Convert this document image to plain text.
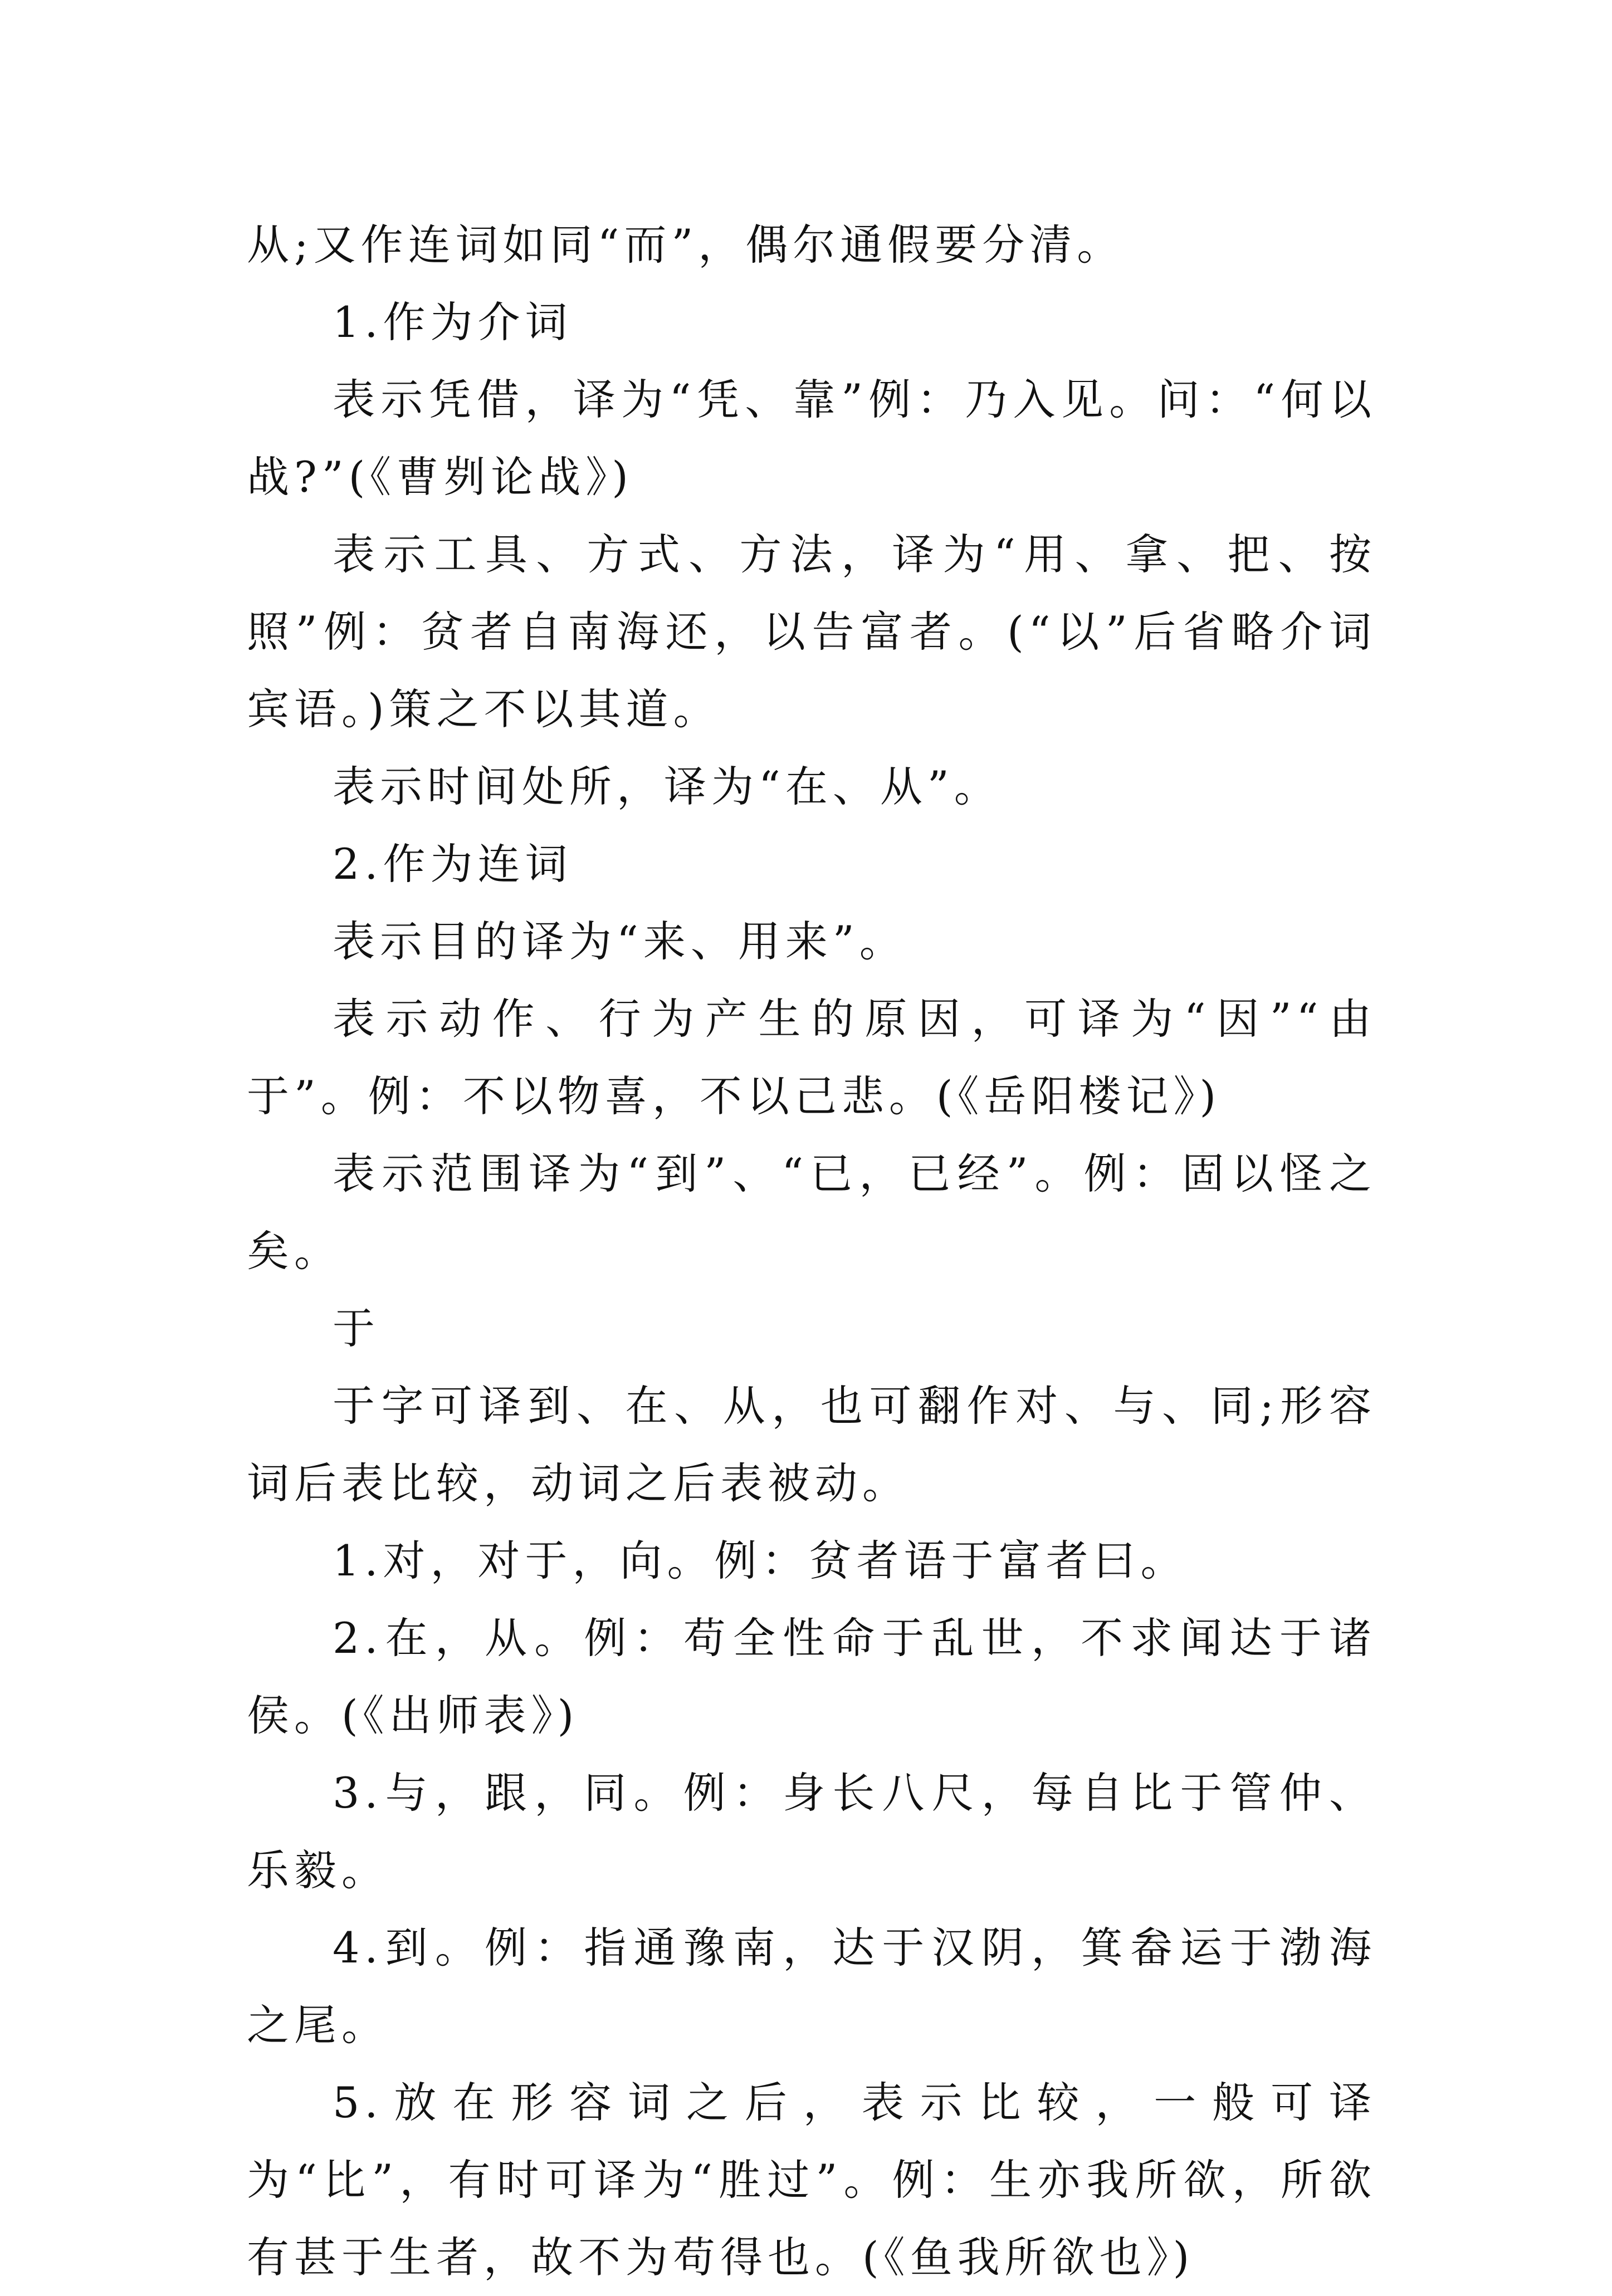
从;又作连词如同“而”，偶尔通假要分清。

1.作为介词

表示凭借，译为“凭、靠”例：乃入见。问：“何以战?”(《曹刿论战》)

表示工具、方式、方法，译为“用、拿、把、按照”例：贫者自南海还，以告富者。(“以”后省略介词宾语。)策之不以其道。

表示时间处所，译为“在、从”。

2.作为连词

表示目的译为“来、用来”。

表示动作、行为产生的原因，可译为“因”“由于”。例：不以物喜，不以己悲。(《岳阳楼记》)

表示范围译为“到”、“已，已经”。例：固以怪之矣。

于

于字可译到、在、从，也可翻作对、与、同;形容词后表比较，动词之后表被动。

1.对，对于，向。例：贫者语于富者曰。

2.在，从。例：苟全性命于乱世，不求闻达于诸侯。(《出师表》)

3.与，跟，同。例：身长八尺，每自比于管仲、乐毅。

4.到。例：指通豫南，达于汉阴，箕畚运于渤海之尾。

5.放在形容词之后，表示比较，一般可译为“比”，有时可译为“胜过”。例：生亦我所欲，所欲有甚于生者，故不为苟得也。(《鱼我所欲也》)
